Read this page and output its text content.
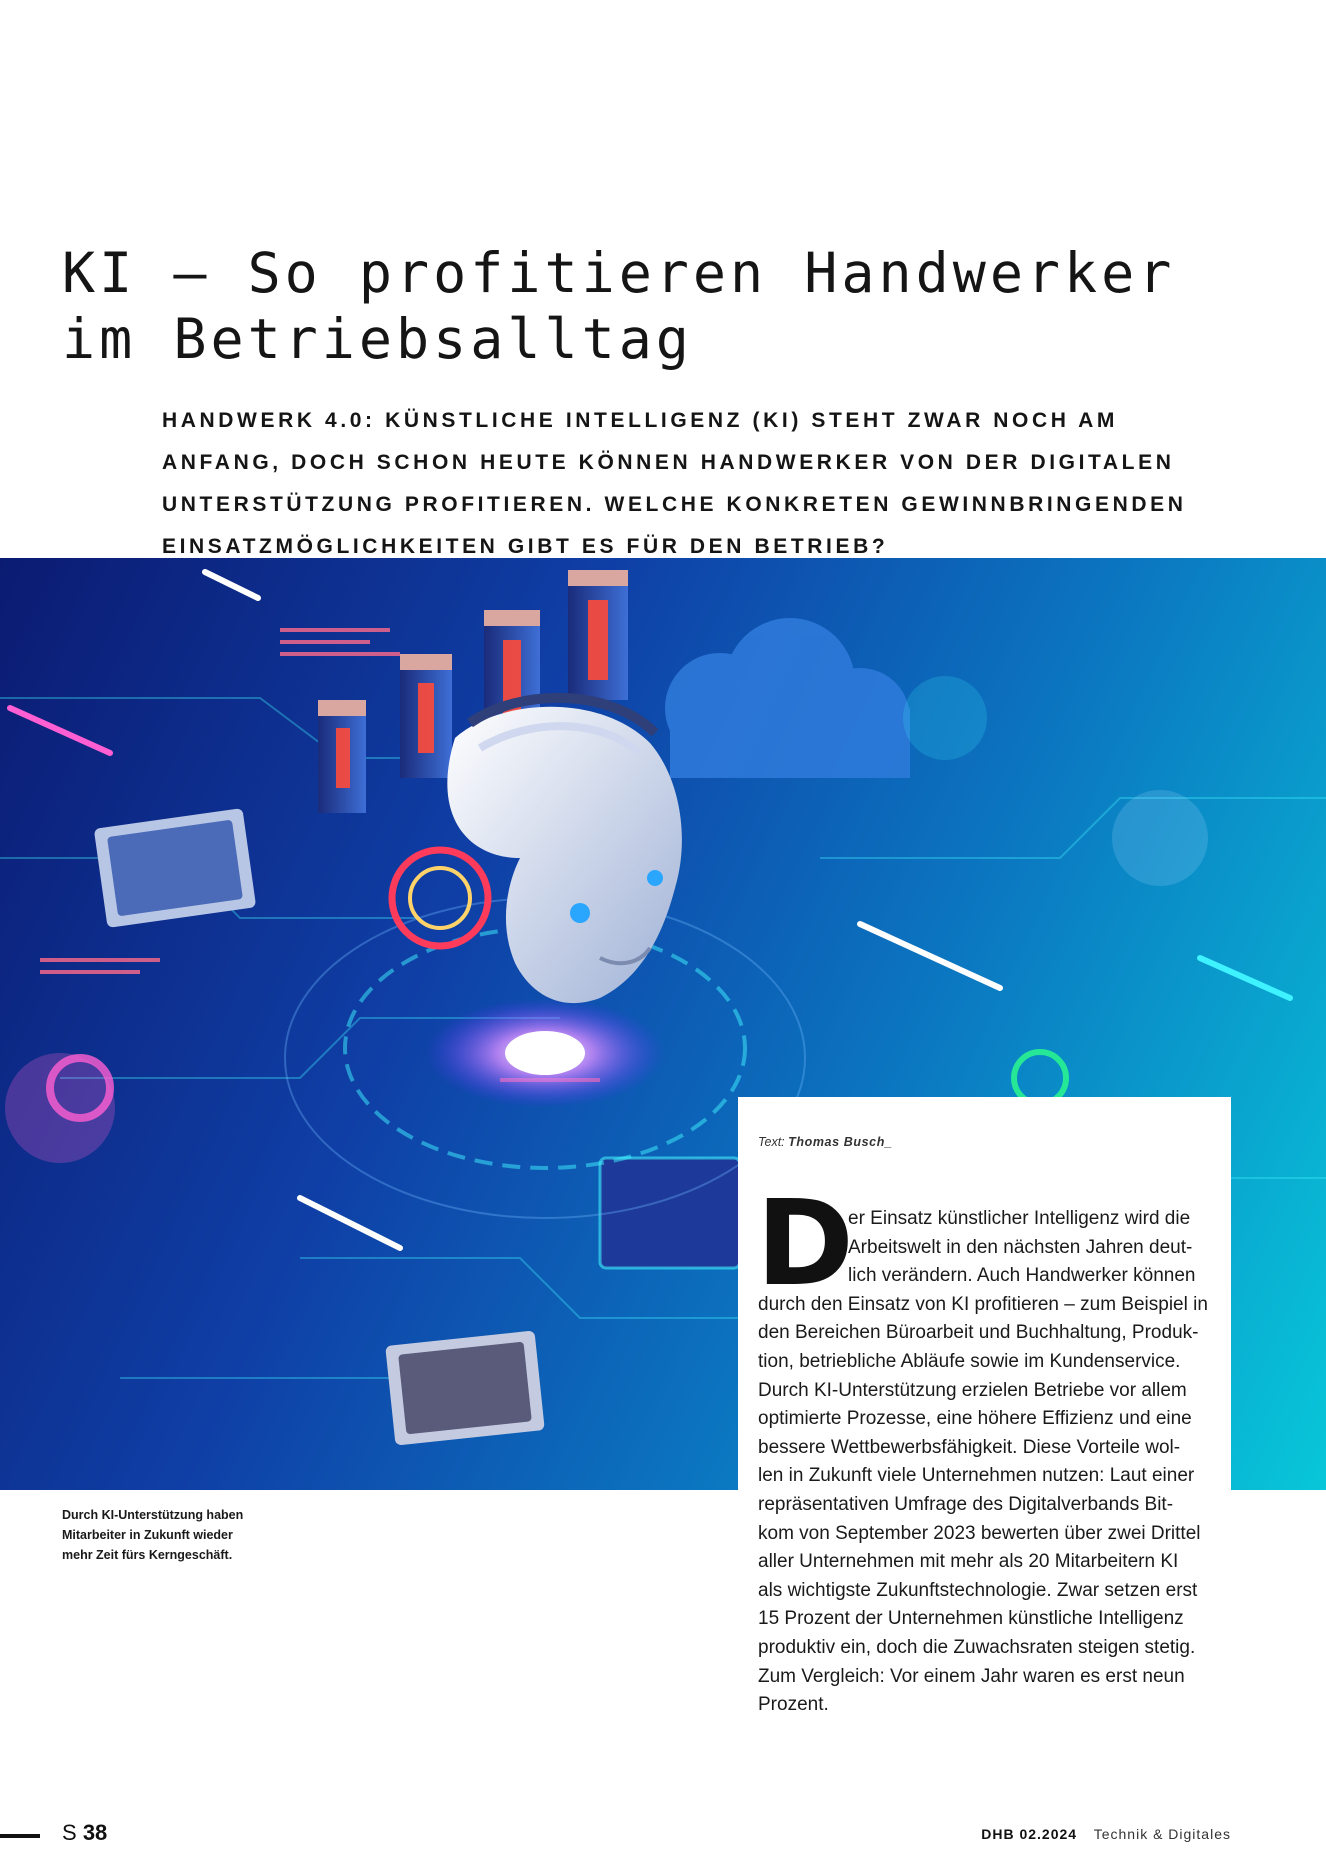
KI – So profitieren Handwerker
im Betriebsalltag

HANDWERK 4.0: KÜNSTLICHE INTELLIGENZ (KI) STEHT ZWAR NOCH AM ANFANG, DOCH SCHON HEUTE KÖNNEN HANDWERKER VON DER DIGITALEN UNTERSTÜTZUNG PROFITIEREN. WELCHE KONKRETEN GEWINNBRINGENDEN EINSATZMÖGLICHKEITEN GIBT ES FÜR DEN BETRIEB?

Durch KI-Unterstützung haben
Mitarbeiter in Zukunft wieder
mehr Zeit fürs Kerngeschäft.

Text: Thomas Busch_

D
er Einsatz künstlicher Intelligenz wird die
Arbeitswelt in den nächsten Jahren deut-
lich verändern. Auch Handwerker können
durch den Einsatz von KI profitieren – zum Beispiel in
den Bereichen Büroarbeit und Buchhaltung, Produk-
tion, betriebliche Abläufe sowie im Kundenservice.
Durch KI-Unterstützung erzielen Betriebe vor allem
optimierte Prozesse, eine höhere Effizienz und eine
bessere Wettbewerbsfähigkeit. Diese Vorteile wol-
len in Zukunft viele Unternehmen nutzen: Laut einer
repräsentativen Umfrage des Digitalverbands Bit-
kom von September 2023 bewerten über zwei Drittel
aller Unternehmen mit mehr als 20 Mitarbeitern KI
als wichtigste Zukunftstechnologie. Zwar setzen erst
15 Prozent der Unternehmen künstliche Intelligenz
produktiv ein, doch die Zuwachsraten steigen stetig.
Zum Vergleich: Vor einem Jahr waren es erst neun
Prozent.
S 38	DHB 02.2024 Technik & Digitales
